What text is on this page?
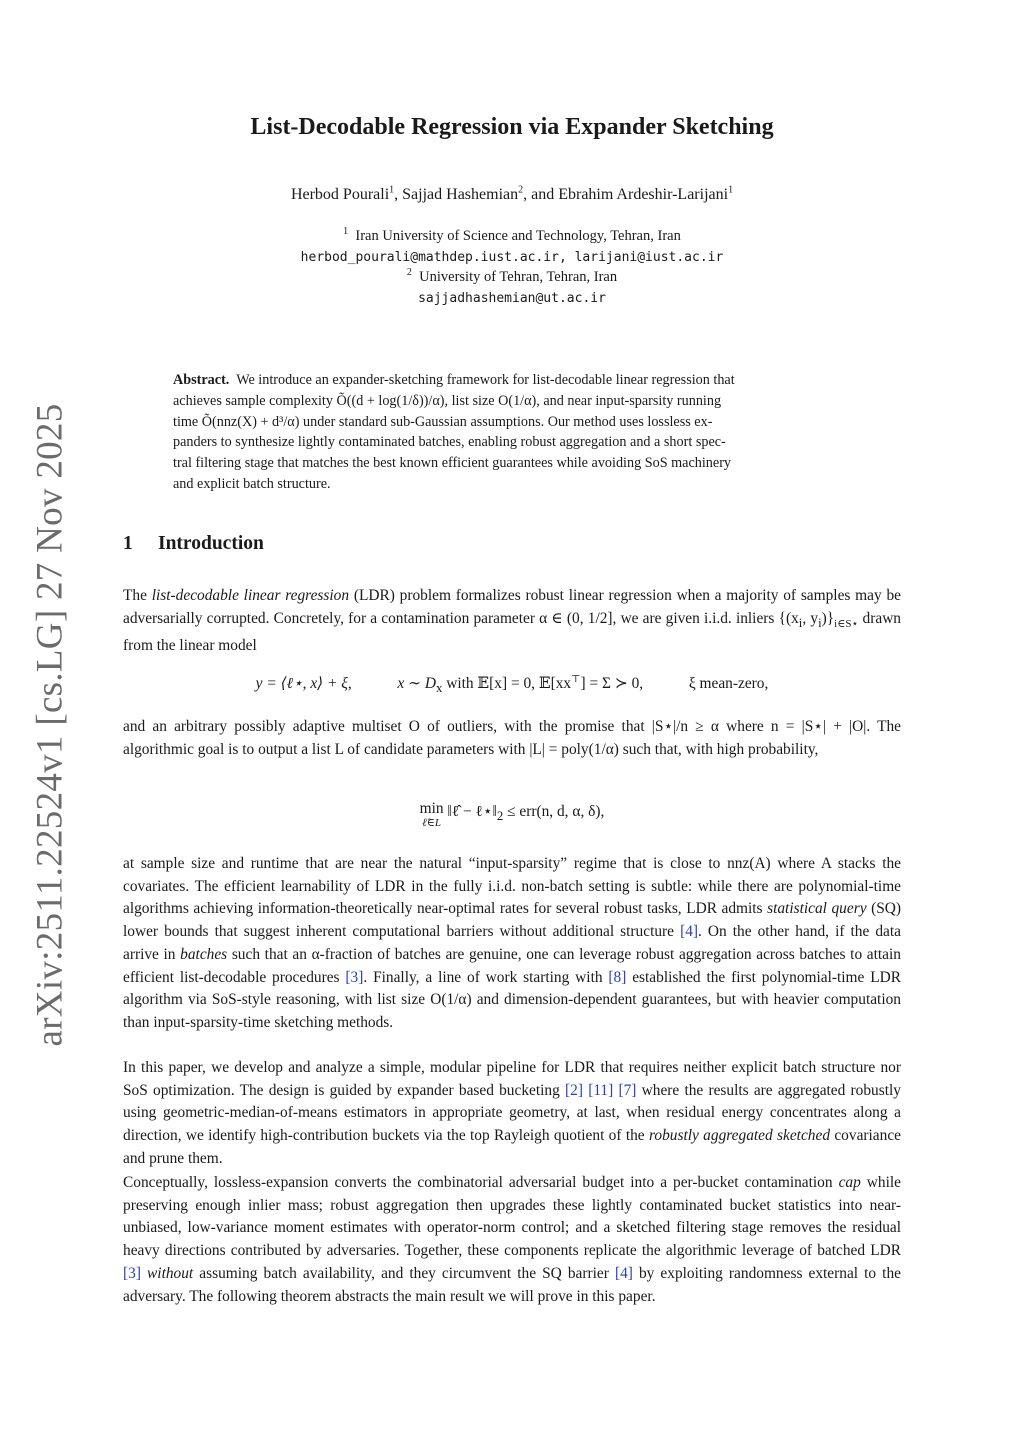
arXiv:2511.22524v1 [cs.LG] 27 Nov 2025
List-Decodable Regression via Expander Sketching
Herbod Pourali$^1$, Sajjad Hashemian$^2$, and Ebrahim Ardeshir-Larijani$^1$
$^1$ Iran University of Science and Technology, Tehran, Iran
herbod_pourali@mathdep.iust.ac.ir, larijani@iust.ac.ir
$^2$ University of Tehran, Tehran, Iran
sajjadhashemian@ut.ac.ir
Abstract. We introduce an expander-sketching framework for list-decodable linear regression that
achieves sample complexity Õ((d + log(1/δ))/α), list size O(1/α), and near input-sparsity running
time Õ(nnz(X) + d³/α) under standard sub-Gaussian assumptions. Our method uses lossless ex-
panders to synthesize lightly contaminated batches, enabling robust aggregation and a short spec-
tral filtering stage that matches the best known efficient guarantees while avoiding SoS machinery
and explicit batch structure.
1 Introduction
The list-decodable linear regression (LDR) problem formalizes robust linear regression when a majority of samples may be adversarially corrupted. Concretely, for a contamination parameter α ∈ (0, 1/2], we are given i.i.d. inliers {($x_i$, $y_i)\}_{i\in S⋆}$ drawn from the linear model
y = ⟨ℓ⋆, x⟩ + ξ,	x ∼ $D_x$ with 𝔼[x] = 0, 𝔼[xx⊤] = Σ ≻ 0,	ξ mean-zero,
and an arbitrary possibly adaptive multiset O of outliers, with the promise that |S⋆|/n ≥ α where n = |S⋆| + |O|. The algorithmic goal is to output a list L of candidate parameters with |L| = poly(1/α) such that, with high probability,
min
ℓ̂∈L
‖ℓ̂ − $\ell⋆‖_2 \le err(n$, d, α, δ),
at sample size and runtime that are near the natural “input-sparsity” regime that is close to nnz(A) where A stacks the covariates. The efficient learnability of LDR in the fully i.i.d. non-batch setting is subtle: while there are polynomial-time algorithms achieving information-theoretically near-optimal rates for several robust tasks, LDR admits statistical query (SQ) lower bounds that suggest inherent computational barriers without additional structure [4]. On the other hand, if the data arrive in batches such that an α-fraction of batches are genuine, one can leverage robust aggregation across batches to attain efficient list-decodable procedures [3]. Finally, a line of work starting with [8] established the first polynomial-time LDR algorithm via SoS-style reasoning, with list size O(1/α) and dimension-dependent guarantees, but with heavier computation than input-sparsity-time sketching methods.
In this paper, we develop and analyze a simple, modular pipeline for LDR that requires neither explicit batch structure nor SoS optimization. The design is guided by expander based bucketing [2] [11] [7] where the results are aggregated robustly using geometric-median-of-means estimators in appropriate geometry, at last, when residual energy concentrates along a direction, we identify high-contribution buckets via the top Rayleigh quotient of the robustly aggregated sketched covariance and prune them.
Conceptually, lossless-expansion converts the combinatorial adversarial budget into a per-bucket contamination cap while preserving enough inlier mass; robust aggregation then upgrades these lightly contaminated bucket statistics into near-unbiased, low-variance moment estimates with operator-norm control; and a sketched filtering stage removes the residual heavy directions contributed by adversaries. Together, these components replicate the algorithmic leverage of batched LDR [3] without assuming batch availability, and they circumvent the SQ barrier [4] by exploiting randomness external to the adversary. The following theorem abstracts the main result we will prove in this paper.
